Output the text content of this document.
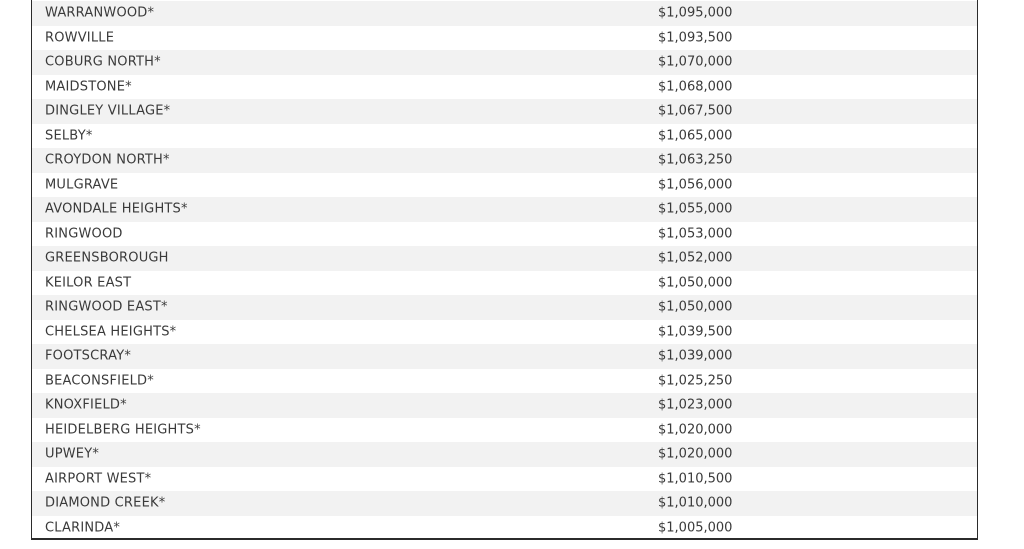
WARRANWOOD*	$1,095,000
ROWVILLE	$1,093,500
COBURG NORTH*	$1,070,000
MAIDSTONE*	$1,068,000
DINGLEY VILLAGE*	$1,067,500
SELBY*	$1,065,000
CROYDON NORTH*	$1,063,250
MULGRAVE	$1,056,000
AVONDALE HEIGHTS*	$1,055,000
RINGWOOD	$1,053,000
GREENSBOROUGH	$1,052,000
KEILOR EAST	$1,050,000
RINGWOOD EAST*	$1,050,000
CHELSEA HEIGHTS*	$1,039,500
FOOTSCRAY*	$1,039,000
BEACONSFIELD*	$1,025,250
KNOXFIELD*	$1,023,000
HEIDELBERG HEIGHTS*	$1,020,000
UPWEY*	$1,020,000
AIRPORT WEST*	$1,010,500
DIAMOND CREEK*	$1,010,000
CLARINDA*	$1,005,000
